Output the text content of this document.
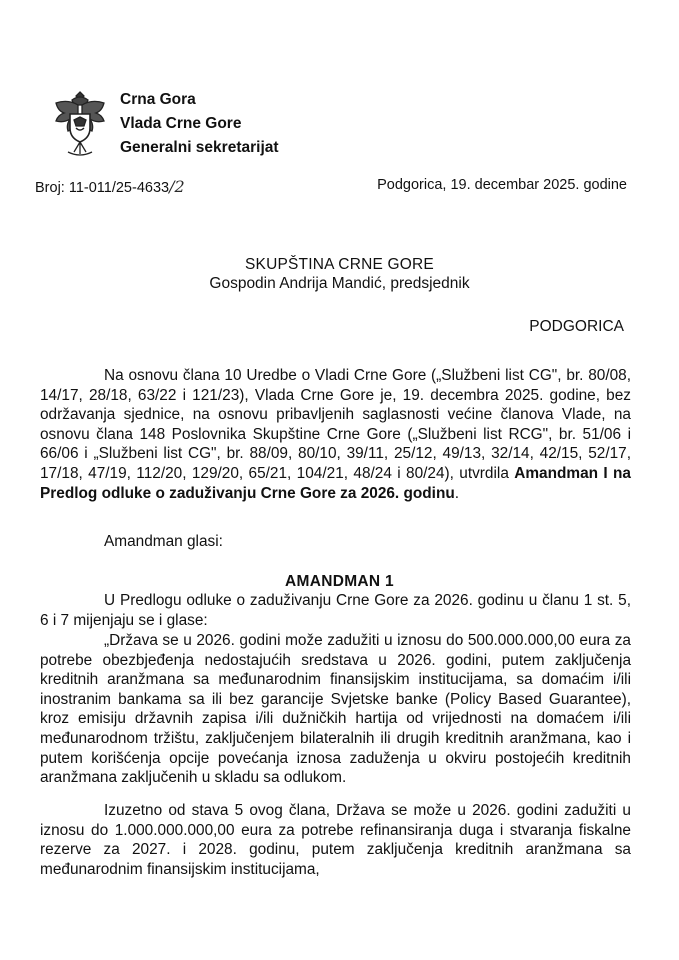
Crna Gora
Vlada Crne Gore
Generalni sekretarijat
Broj: 11-011/25-4633/2	Podgorica, 19. decembar 2025. godine
SKUPŠTINA CRNE GORE
Gospodin Andrija Mandić, predsjednik
PODGORICA

Na osnovu člana 10 Uredbe o Vladi Crne Gore („Službeni list CG", br. 80/08, 14/17, 28/18, 63/22 i 121/23), Vlada Crne Gore je, 19. decembra 2025. godine, bez održavanja sjednice, na osnovu pribavljenih saglasnosti većine članova Vlade, na osnovu člana 148 Poslovnika Skupštine Crne Gore („Službeni list RCG", br. 51/06 i 66/06 i „Službeni list CG", br. 88/09, 80/10, 39/11, 25/12, 49/13, 32/14, 42/15, 52/17, 17/18, 47/19, 112/20, 129/20, 65/21, 104/21, 48/24 i 80/24), utvrdila Amandman I na Predlog odluke o zaduživanju Crne Gore za 2026. godinu.

Amandman glasi:
AMANDMAN 1

U Predlogu odluke o zaduživanju Crne Gore za 2026. godinu u članu 1 st. 5, 6 i 7 mijenjaju se i glase:

„Država se u 2026. godini može zadužiti u iznosu do 500.000.000,00 eura za potrebe obezbjeđenja nedostajućih sredstava u 2026. godini, putem zaključenja kreditnih aranžmana sa međunarodnim finansijskim institucijama, sa domaćim i/ili inostranim bankama sa ili bez garancije Svjetske banke (Policy Based Guarantee), kroz emisiju državnih zapisa i/ili dužničkih hartija od vrijednosti na domaćem i/ili međunarodnom tržištu, zaključenjem bilateralnih ili drugih kreditnih aranžmana, kao i putem korišćenja opcije povećanja iznosa zaduženja u okviru postojećih kreditnih aranžmana zaključenih u skladu sa odlukom.

Izuzetno od stava 5 ovog člana, Država se može u 2026. godini zadužiti u iznosu do 1.000.000.000,00 eura za potrebe refinansiranja duga i stvaranja fiskalne rezerve za 2027. i 2028. godinu, putem zaključenja kreditnih aranžmana sa međunarodnim finansijskim institucijama,
